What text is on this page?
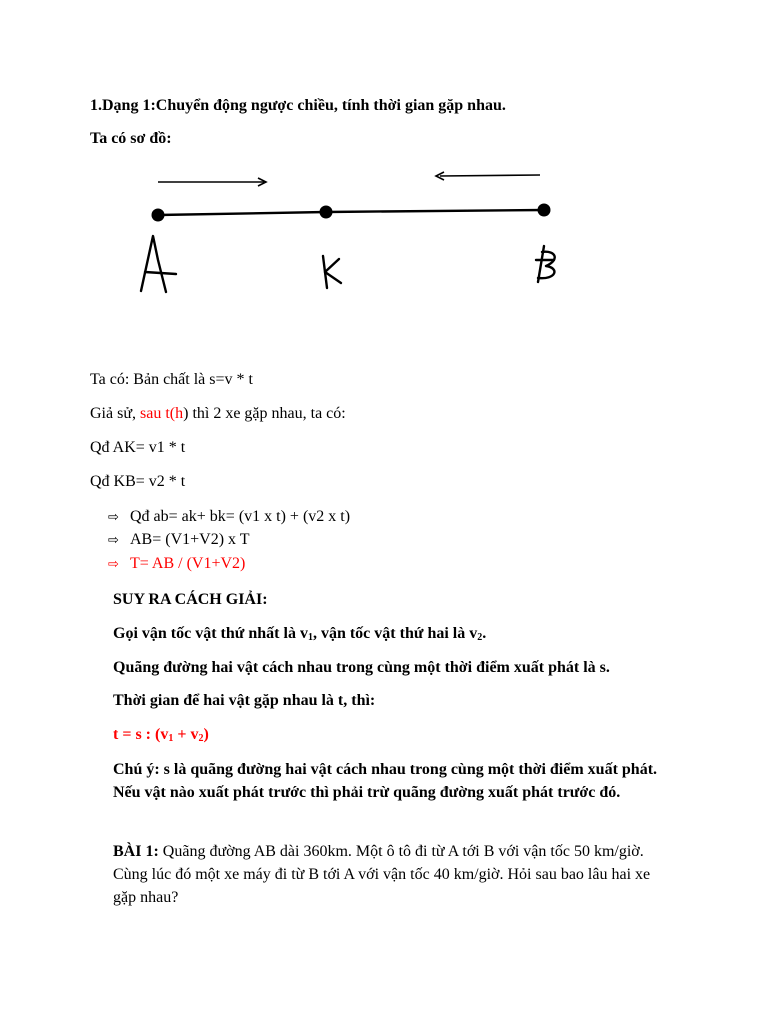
1.Dạng 1:Chuyển động ngược chiều, tính thời gian gặp nhau.
Ta có sơ đồ:
Ta có: Bản chất là s=v * t
Giả sử, sau t(h) thì 2 xe gặp nhau, ta có:
Qđ AK= v1 * t
Qđ KB= v2 * t
⇨ Qđ ab= ak+ bk= (v1 x t) + (v2 x t)
⇨ AB= (V1+V2) x T
⇨ T= AB / (V1+V2)
SUY RA CÁCH GIẢI:
Gọi vận tốc vật thứ nhất là $v_1$, vận tốc vật thứ hai là $v_2$.
Quãng đường hai vật cách nhau trong cùng một thời điểm xuất phát là s.
Thời gian để hai vật gặp nhau là t, thì:
t = s : $(v_1 + v_2)$
Chú ý: s là quãng đường hai vật cách nhau trong cùng một thời điểm xuất phát. Nếu vật nào xuất phát trước thì phải trừ quãng đường xuất phát trước đó.
BÀI 1: Quãng đường AB dài 360km. Một ô tô đi từ A tới B với vận tốc 50 km/giờ. Cùng lúc đó một xe máy đi từ B tới A với vận tốc 40 km/giờ. Hỏi sau bao lâu hai xe gặp nhau?
